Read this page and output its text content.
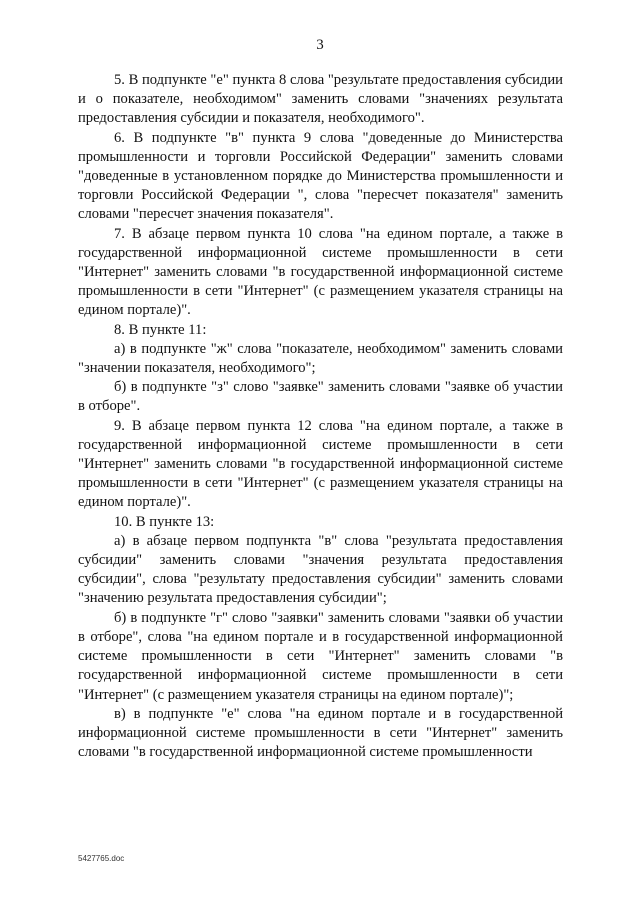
3

5. В подпункте "е" пункта 8 слова "результате предоставления субсидии и о показателе, необходимом" заменить словами "значениях результата предоставления субсидии и показателя, необходимого".

6. В подпункте "в" пункта 9 слова "доведенные до Министерства промышленности и торговли Российской Федерации" заменить словами "доведенные в установленном порядке до Министерства промышленности и торговли Российской Федерации ", слова "пересчет показателя" заменить словами "пересчет значения показателя".

7. В абзаце первом пункта 10 слова "на едином портале, а также в государственной информационной системе промышленности в сети "Интернет" заменить словами "в государственной информационной системе промышленности в сети "Интернет" (с размещением указателя страницы на едином портале)".

8. В пункте 11:

а) в подпункте "ж" слова "показателе, необходимом" заменить словами "значении показателя, необходимого";

б) в подпункте "з" слово "заявке" заменить словами "заявке об участии в отборе".

9. В абзаце первом пункта 12 слова "на едином портале, а также в государственной информационной системе промышленности в сети "Интернет" заменить словами "в государственной информационной системе промышленности в сети "Интернет" (с размещением указателя страницы на едином портале)".

10. В пункте 13:

а) в абзаце первом подпункта "в" слова "результата предоставления субсидии" заменить словами "значения результата предоставления субсидии", слова "результату предоставления субсидии" заменить словами "значению результата предоставления субсидии";

б) в подпункте "г" слово "заявки" заменить словами "заявки об участии в отборе", слова "на едином портале и в государственной информационной системе промышленности в сети "Интернет" заменить словами "в государственной информационной системе промышленности в сети "Интернет" (с размещением указателя страницы на едином портале)";

в) в подпункте "е" слова "на едином портале и в государственной информационной системе промышленности в сети "Интернет" заменить словами "в государственной информационной системе промышленности

5427765.doc
